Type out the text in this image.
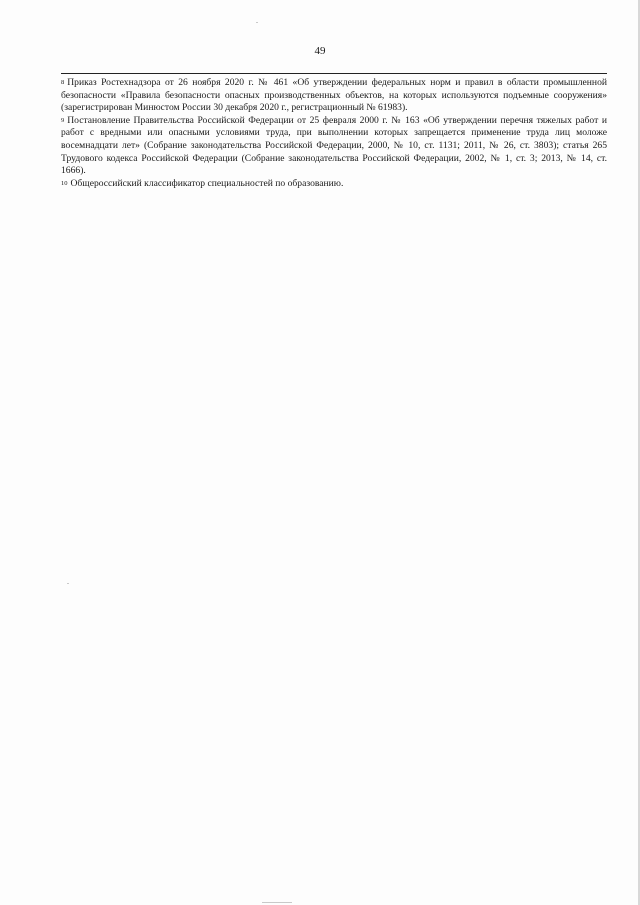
49

$^8$ Приказ Ростехнадзора от 26 ноября 2020 г. № 461 «Об утверждении федеральных норм и правил в области промышленной безопасности «Правила безопасности опасных производственных объектов, на которых используются подъемные сооружения» (зарегистрирован Минюстом России 30 декабря 2020 г., регистрационный № 61983).

$^9$ Постановление Правительства Российской Федерации от 25 февраля 2000 г. № 163 «Об утверждении перечня тяжелых работ и работ с вредными или опасными условиями труда, при выполнении которых запрещается применение труда лиц моложе восемнадцати лет» (Собрание законодательства Российской Федерации, 2000, № 10, ст. 1131; 2011, № 26, ст. 3803); статья 265 Трудового кодекса Российской Федерации (Собрание законодательства Российской Федерации, 2002, № 1, ст. 3; 2013, № 14, ст. 1666).

$^{10}$ Общероссийский классификатор специальностей по образованию.
